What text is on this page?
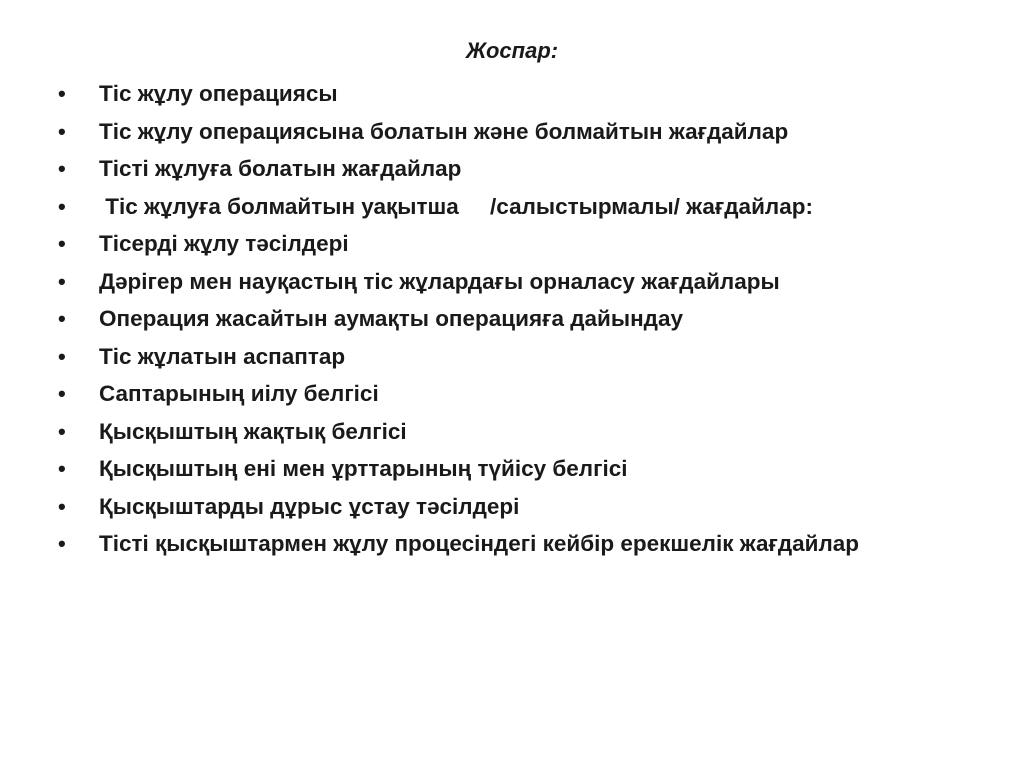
Жоспар:
• Тіс жұлу операциясы
• Тіс жұлу операциясына болатын және болмайтын жағдайлар
• Тісті жұлуға болатын жағдайлар
• Тіс жұлуға болмайтын уақытша     /салыстырмалы/ жағдайлар:
• Тісерді жұлу тәсілдері
• Дәрігер мен науқастың тіс жұлардағы орналасу жағдайлары
• Операция жасайтын аумақты операцияға дайындау
• Тіс жұлатын аспаптар
• Саптарының иілу белгісі
• Қысқыштың жақтық белгісі
• Қысқыштың ені мен ұрттарының түйісу белгісі
• Қысқыштарды дұрыс ұстау тәсілдері
• Тісті қысқыштармен жұлу процесіндегі кейбір ерекшелік жағдайлар
